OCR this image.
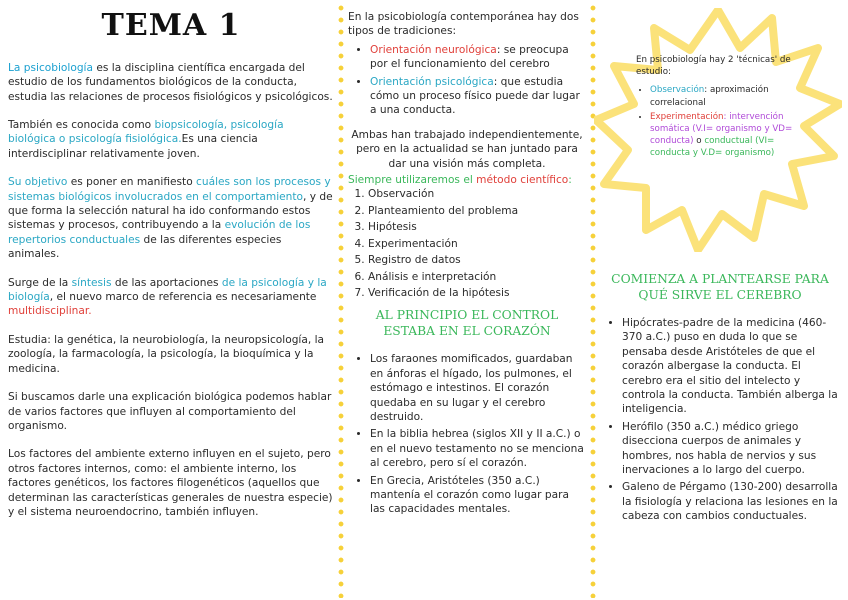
TEMA 1

La psicobiología es la disciplina científica encargada del estudio de los fundamentos biológicos de la conducta, estudia las relaciones de procesos fisiológicos y psicológicos.

También es conocida como biopsicología, psicología biológica o psicología fisiológica.Es una ciencia interdisciplinar relativamente joven.

Su objetivo es poner en manifiesto cuáles son los procesos y sistemas biológicos involucrados en el comportamiento, y de que forma la selección natural ha ido conformando estos sistemas y procesos, contribuyendo a la evolución de los repertorios conductuales de las diferentes especies animales.

Surge de la síntesis de las aportaciones de la psicología y la biología, el nuevo marco de referencia es necesariamente multidisciplinar.

Estudia: la genética, la neurobiología, la neuropsicología, la zoología, la farmacología, la psicología, la bioquímica y la medicina.

Si buscamos darle una explicación biológica podemos hablar de varios factores que influyen al comportamiento del organismo.

Los factores del ambiente externo influyen en el sujeto, pero otros factores internos, como: el ambiente interno, los factores genéticos, los factores filogenéticos (aquellos que determinan las características generales de nuestra especie) y el sistema neuroendocrino, también influyen.

En la psicobiología contemporánea hay dos tipos de tradiciones:
• Orientación neurológica: se preocupa por el funcionamiento del cerebro
• Orientación psicológica: que estudia cómo un proceso físico puede dar lugar a una conducta.
Ambas han trabajado independientemente, pero en la actualidad se han juntado para dar una visión más completa.
Siempre utilizaremos el método científico:
1. Observación
2. Planteamiento del problema
3. Hipótesis
4. Experimentación
5. Registro de datos
6. Análisis e interpretación
7. Verificación de la hipótesis
AL PRINCIPIO EL CONTROL ESTABA EN EL CORAZÓN
• Los faraones momificados, guardaban en ánforas el hígado, los pulmones, el estómago e intestinos. El corazón quedaba en su lugar y el cerebro destruido.
• En la biblia hebrea (siglos XII y II a.C.) o en el nuevo testamento no se menciona al cerebro, pero sí el corazón.
• En Grecia, Aristóteles (350 a.C.) mantenía el corazón como lugar para las capacidades mentales.
En psicobiología hay 2 'técnicas' de estudio:
• Observación: aproximación correlacional
• Experimentación: intervención somática (V.I= organismo y VD= conducta) o conductual (VI= conducta y V.D= organismo)
COMIENZA A PLANTEARSE PARA QUÉ SIRVE EL CEREBRO
• Hipócrates-padre de la medicina (460-370 a.C.) puso en duda lo que se pensaba desde Aristóteles de que el corazón albergase la conducta. El cerebro era el sitio del intelecto y controla la conducta. También alberga la inteligencia.
• Herófilo (350 a.C.) médico griego disecciona cuerpos de animales y hombres, nos habla de nervios y sus inervaciones a lo largo del cuerpo.
• Galeno de Pérgamo (130-200) desarrolla la fisiología y relaciona las lesiones en la cabeza con cambios conductuales.
